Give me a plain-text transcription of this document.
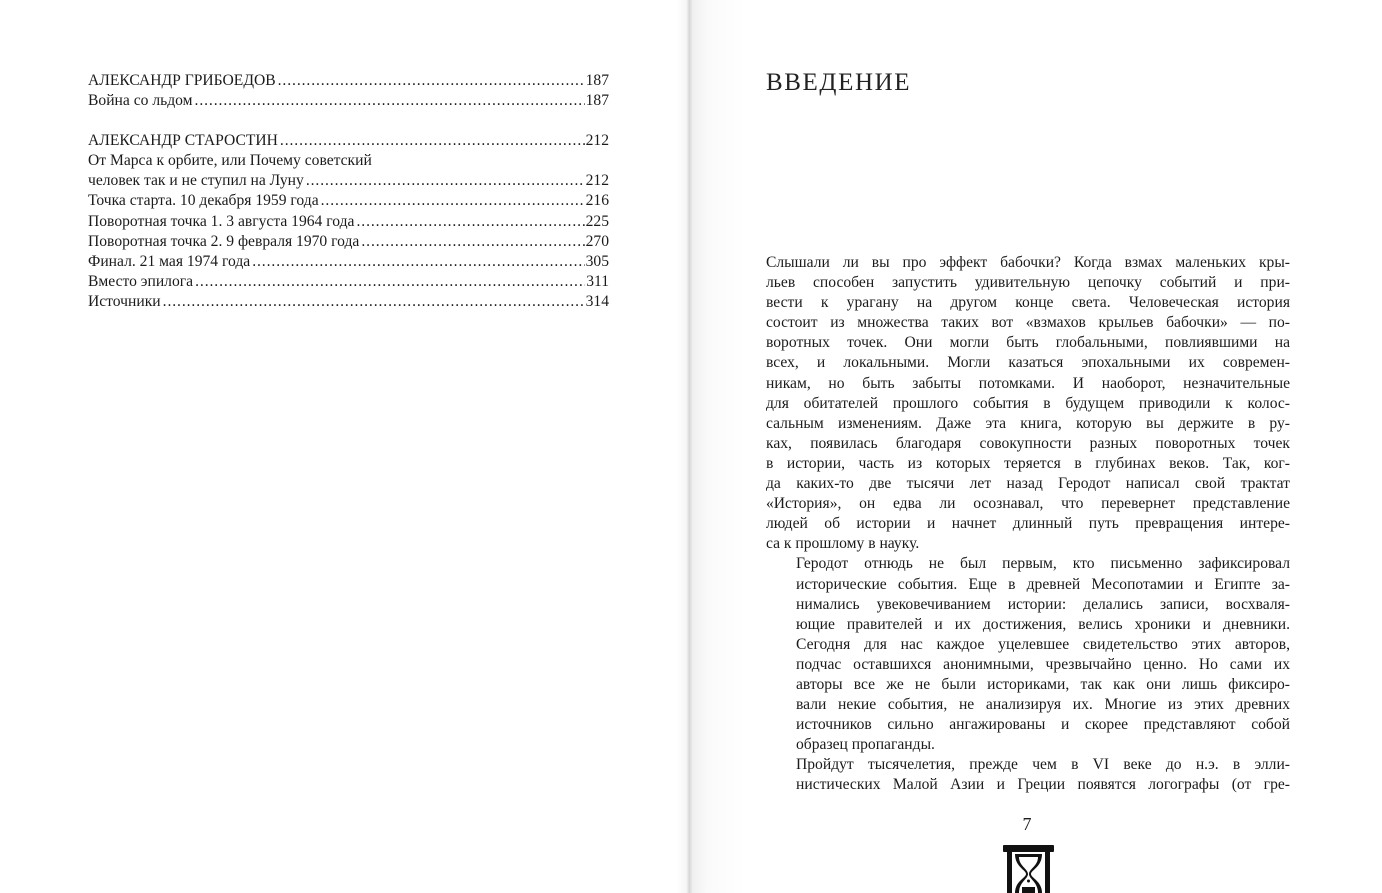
АЛЕКСАНДР ГРИБОЕДОВ . . .	187
Война со льдом . . .	187
АЛЕКСАНДР СТАРОСТИН . . .	212
От Марса к орбите, или Почему советский
человек так и не ступил на Луну . . .	212
Точка старта. 10 декабря 1959 года . . .	216
Поворотная точка 1. 3 августа 1964 года . . .	225
Поворотная точка 2. 9 февраля 1970 года . . .	270
Финал. 21 мая 1974 года . . .	305
Вместо эпилога . . .	311
Источники . . .	314
ВВЕДЕНИЕ

Слышали ли вы про эффект бабочки? Когда взмах маленьких кры-
льев способен запустить удивительную цепочку событий и при-
вести к урагану на другом конце света. Человеческая история
состоит из множества таких вот «взмахов крыльев бабочки» — по-
воротных точек. Они могли быть глобальными, повлиявшими на
всех, и локальными. Могли казаться эпохальными их современ-
никам, но быть забыты потомками. И наоборот, незначительные
для обитателей прошлого события в будущем приводили к колос-
сальным изменениям. Даже эта книга, которую вы держите в ру-
ках, появилась благодаря совокупности разных поворотных точек
в истории, часть из которых теряется в глубинах веков. Так, ког-
да каких-то две тысячи лет назад Геродот написал свой трактат
«История», он едва ли осознавал, что перевернет представление
людей об истории и начнет длинный путь превращения интере-
са к прошлому в науку.

Геродот отнюдь не был первым, кто письменно зафиксировал
исторические события. Еще в древней Месопотамии и Египте за-
нимались увековечиванием истории: делались записи, восхваля-
ющие правителей и их достижения, велись хроники и дневники.
Сегодня для нас каждое уцелевшее свидетельство этих авторов,
подчас оставшихся анонимными, чрезвычайно ценно. Но сами их
авторы все же не были историками, так как они лишь фиксиро-
вали некие события, не анализируя их. Многие из этих древних
источников сильно ангажированы и скорее представляют собой
образец пропаганды.

Пройдут тысячелетия, прежде чем в VI веке до н.э. в элли-
нистических Малой Азии и Греции появятся логографы (от гре-

7
